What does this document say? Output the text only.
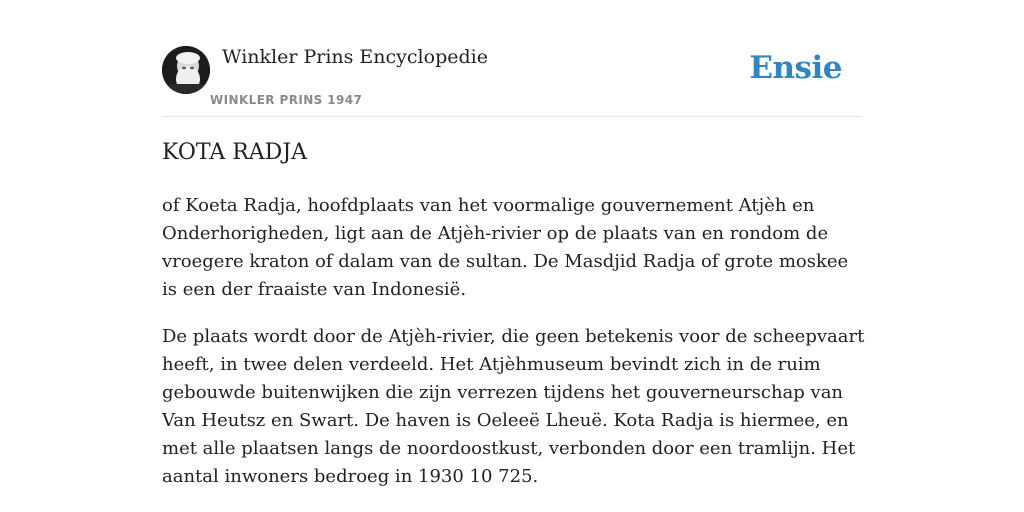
Winkler Prins Encyclopedie
WINKLER PRINS 1947
Ensie
KOTA RADJA

of Koeta Radja, hoofdplaats van het voormalige gouvernement Atjèh en Onderhorigheden, ligt aan de Atjèh-rivier op de plaats van en rondom de vroegere kraton of dalam van de sultan. De Masdjid Radja of grote moskee is een der fraaiste van Indonesië.

De plaats wordt door de Atjèh-rivier, die geen betekenis voor de scheepvaart heeft, in twee delen verdeeld. Het Atjèhmuseum bevindt zich in de ruim gebouwde buitenwijken die zijn verrezen tijdens het gouverneurschap van Van Heutsz en Swart. De haven is Oeleeë Lheuë. Kota Radja is hiermee, en met alle plaatsen langs de noordoostkust, verbonden door een tramlijn. Het aantal inwoners bedroeg in 1930 10 725.
